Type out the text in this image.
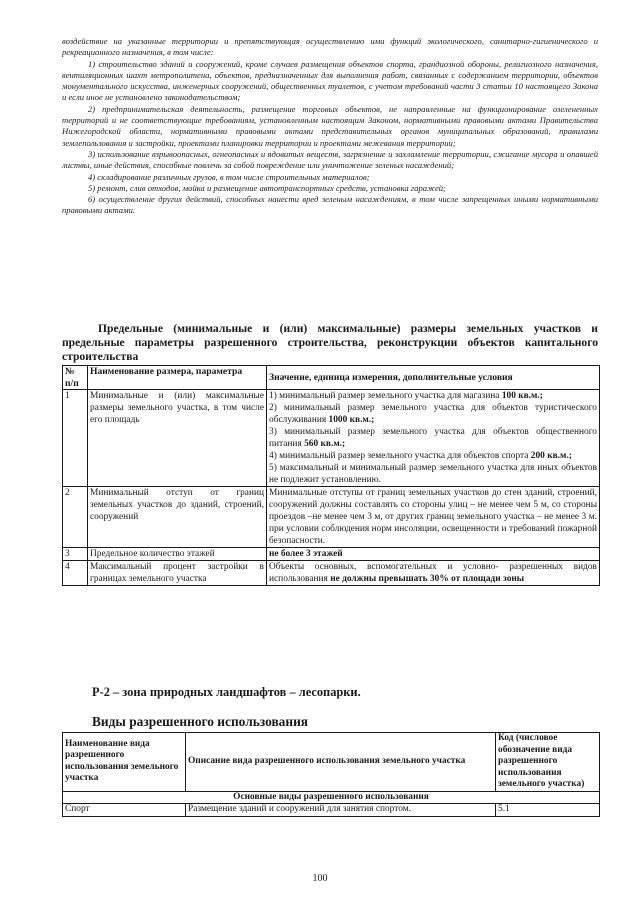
воздействие на указанные территории и препятствующая осуществлению ими функций экологического, санитарно-гигиенического и рекреационного назначения, в том числе:

1) строительство зданий и сооружений, кроме случаев размещения объектов спорта, грандиозной обороны, религиозного назначения, вентиляционных шахт метрополитена, объектов, предназначенных для выполнения работ, связанных с содержанием территории, объектов монументального искусства, инженерных сооружений, общественных туалетов, с учетом требований части 3 статьи 10 настоящего Закона и если иное не установлено законодательством;

2) предпринимательская деятельность, размещение торговых объектов, не направленные на функционирование озелененных территорий и не соответствующие требованиям, установленным настоящим Законом, нормативными правовыми актами Правительства Нижегородской области, нормативными правовыми актами представительных органов муниципальных образований, правилами землепользования и застройки, проектами планировки территории и проектами межевания территории;

3) использование взрывоопасных, огнеопасных и ядовитых веществ, загрязнение и захламление территории, сжигание мусора и опавшей листвы, иные действия, способные повлечь за собой повреждение или уничтожение зеленых насаждений;

4) складирование различных грузов, в том числе строительных материалов;

5) ремонт, слив отходов, мойка и размещение автотранспортных средств, установка гаражей;

6) осуществление других действий, способных нанести вред зеленым насаждениям, в том числе запрещенных иными нормативными правовыми актами.

Предельные (минимальные и (или) максимальные) размеры земельных участков и предельные параметры разрешенного строительства, реконструкции объектов капитального строительства
№ п/п	Наименование размера, параметра	Значение, единица измерения, дополнительные условия
1	Минимальные и (или) максимальные размеры земельного участка, в том числе его площадь	1) минимальный размер земельного участка для магазина 100 кв.м.;
2) минимальный размер земельного участка для объектов туристического обслуживания 1000 кв.м.;
3) минимальный размер земельного участка для объектов общественного питания 560 кв.м.;
4) минимальный размер земельного участка для объектов спорта 200 кв.м.;
5) максимальный и минимальный размер земельного участка для иных объектов не подлежит установлению.

2	Минимальный отступ от границ земельных участков до зданий, строений, сооружений	Минимальные отступы от границ земельных участков до стен зданий, строений, сооружений должны составлять со стороны улиц – не менее чем 5 м, со стороны проездов –не менее чем 3 м, от других границ земельного участка – не менее 3 м. при условии соблюдения норм инсоляции, освещенности и требований пожарной безопасности.
3	Предельное количество этажей	не более 3 этажей
4	Максимальный процент застройки в границах земельного участка	Объекты основных, вспомогательных и условно- разрешенных видов использования не должны превышать 30% от площади зоны
Р-2 – зона природных ландшафтов – лесопарки.
Виды разрешенного использования
Наименование вида разрешенного использования земельного участка	Описание вида разрешенного использования земельного участка	Код (числовое обозначение вида разрешенного использования земельного участка)
Основные виды разрешенного использования		
Спорт	Размещение зданий и сооружений для занятия спортом.	5.1
100
